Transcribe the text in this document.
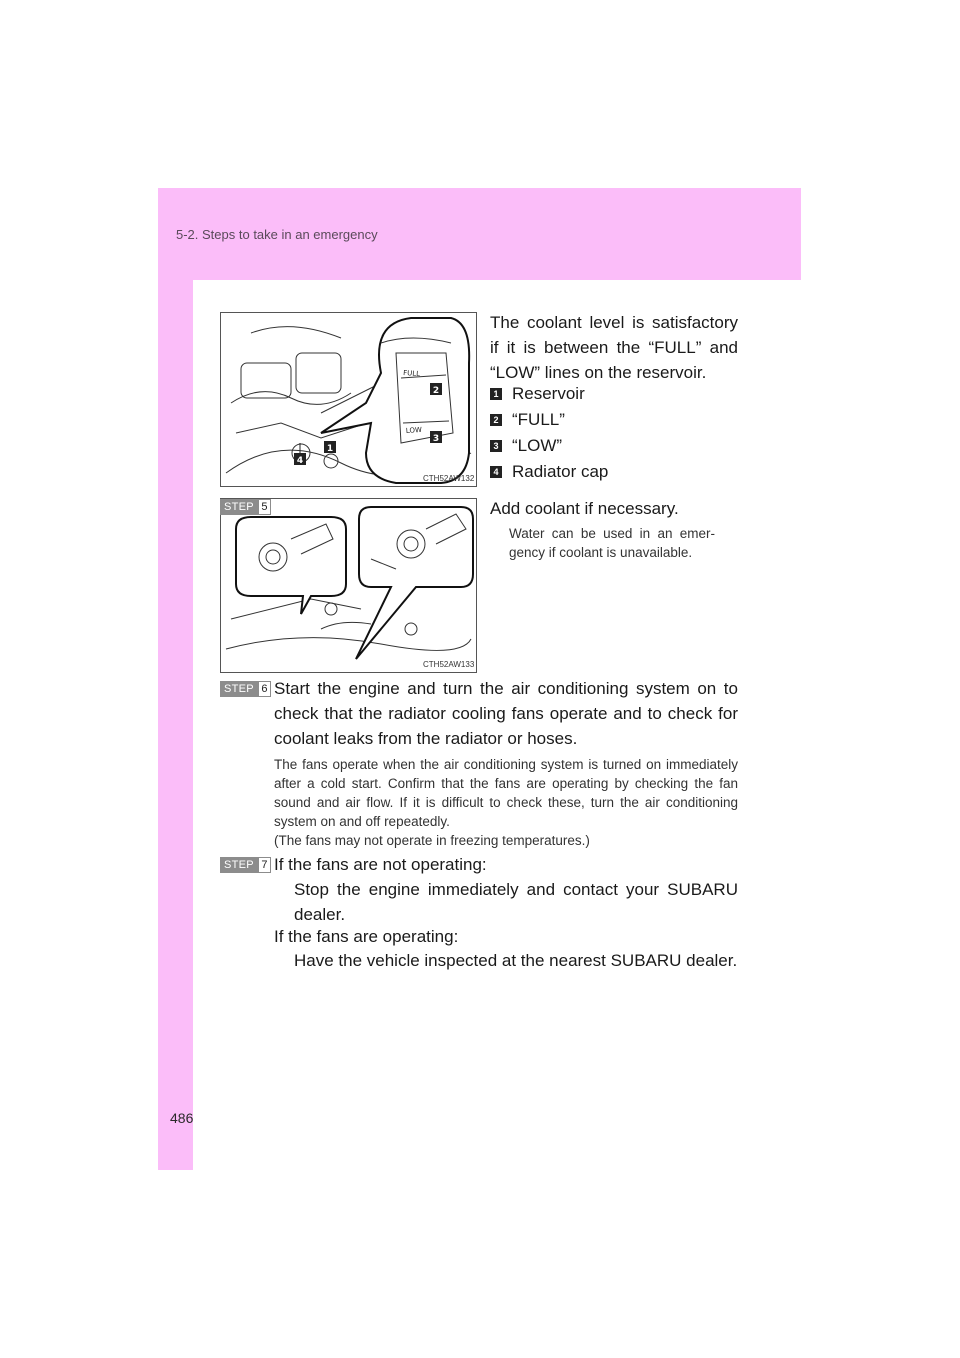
5-2. Steps to take in an emergency
FULL
LOW
2
3
1
4
CTH52AW132
The coolant level is satisfactory if it is between the “FULL” and “LOW” lines on the reservoir.
1 Reservoir
2 “FULL”
3 “LOW”
4 Radiator cap
STEP 5
CTH52AW133
Add coolant if necessary.
Water can be used in an emer-gency if coolant is unavailable.
STEP 6 Start the engine and turn the air conditioning system on to check that the radiator cooling fans operate and to check for coolant leaks from the radiator or hoses.
The fans operate when the air conditioning system is turned on immediately after a cold start. Confirm that the fans are operating by checking the fan sound and air flow. If it is difficult to check these, turn the air conditioning system on and off repeatedly.
(The fans may not operate in freezing temperatures.)
STEP 7 If the fans are not operating:
Stop the engine immediately and contact your SUBARU dealer.
If the fans are operating:
Have the vehicle inspected at the nearest SUBARU dealer.
486
